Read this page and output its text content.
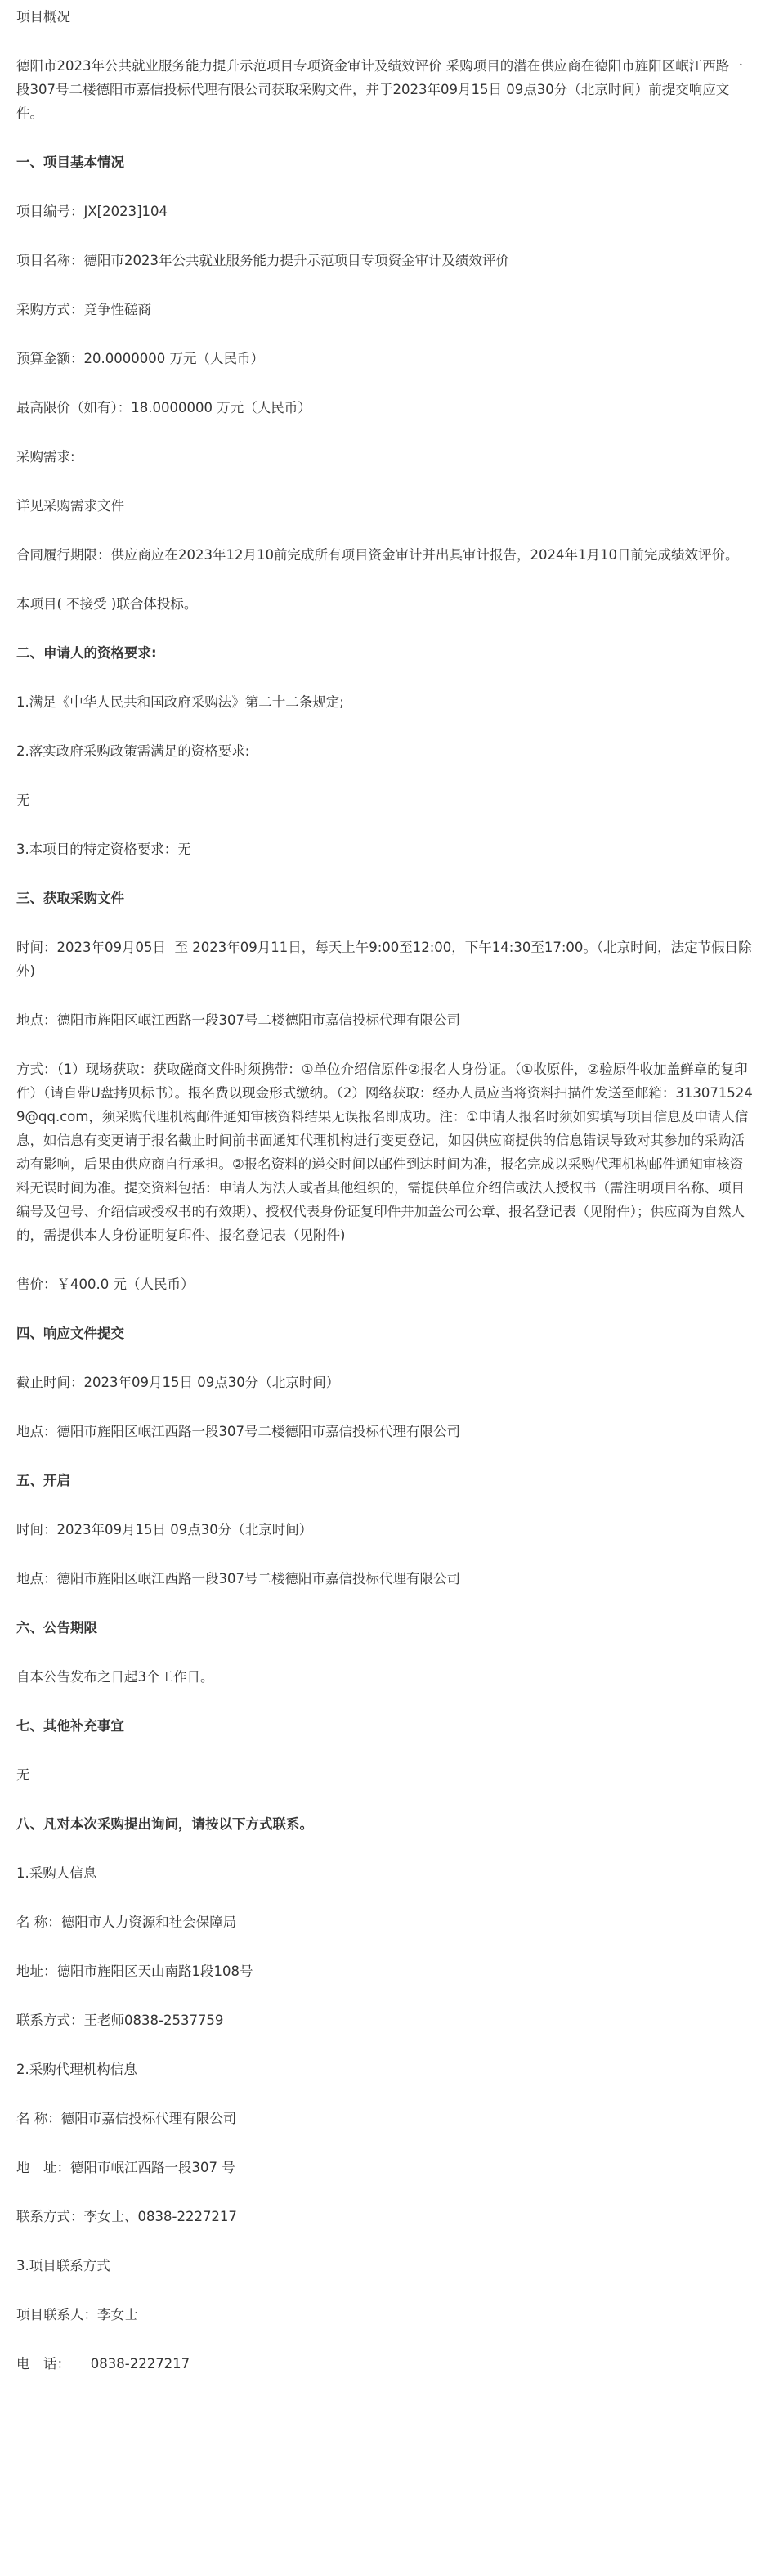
项目概况
德阳市2023年公共就业服务能力提升示范项目专项资金审计及绩效评价 采购项目的潜在供应商在德阳市旌阳区岷江西路一段307号二楼德阳市嘉信投标代理有限公司获取采购文件，并于2023年09月15日 09点30分（北京时间）前提交响应文件。
一、项目基本情况
项目编号：JX[2023]104
项目名称：德阳市2023年公共就业服务能力提升示范项目专项资金审计及绩效评价
采购方式：竞争性磋商
预算金额：20.0000000 万元（人民币）
最高限价（如有）：18.0000000 万元（人民币）
采购需求:
详见采购需求文件
合同履行期限：供应商应在2023年12月10前完成所有项目资金审计并出具审计报告，2024年1月10日前完成绩效评价。
本项目( 不接受 )联合体投标。
二、申请人的资格要求:
1.满足《中华人民共和国政府采购法》第二十二条规定;
2.落实政府采购政策需满足的资格要求:
无
3.本项目的特定资格要求：无
三、获取采购文件
时间：2023年09月05日  至 2023年09月11日，每天上午9:00至12:00，下午14:30至17:00。（北京时间，法定节假日除外)
地点：德阳市旌阳区岷江西路一段307号二楼德阳市嘉信投标代理有限公司
方式：（1）现场获取：获取磋商文件时须携带：①单位介绍信原件②报名人身份证。（①收原件，②验原件收加盖鲜章的复印件）（请自带U盘拷贝标书）。报名费以现金形式缴纳。（2）网络获取：经办人员应当将资料扫描件发送至邮箱：3130715249@qq.com，须采购代理机构邮件通知审核资料结果无误报名即成功。注：①申请人报名时须如实填写项目信息及申请人信息，如信息有变更请于报名截止时间前书面通知代理机构进行变更登记，如因供应商提供的信息错误导致对其参加的采购活动有影响，后果由供应商自行承担。②报名资料的递交时间以邮件到达时间为准，报名完成以采购代理机构邮件通知审核资料无误时间为准。提交资料包括：申请人为法人或者其他组织的，需提供单位介绍信或法人授权书（需注明项目名称、项目编号及包号、介绍信或授权书的有效期）、授权代表身份证复印件并加盖公司公章、报名登记表（见附件）；供应商为自然人的，需提供本人身份证明复印件、报名登记表（见附件)
售价：￥400.0 元（人民币）
四、响应文件提交
截止时间：2023年09月15日 09点30分（北京时间）
地点：德阳市旌阳区岷江西路一段307号二楼德阳市嘉信投标代理有限公司
五、开启
时间：2023年09月15日 09点30分（北京时间）
地点：德阳市旌阳区岷江西路一段307号二楼德阳市嘉信投标代理有限公司
六、公告期限
自本公告发布之日起3个工作日。
七、其他补充事宜
无
八、凡对本次采购提出询问，请按以下方式联系。
1.采购人信息
名 称：德阳市人力资源和社会保障局
地址：德阳市旌阳区天山南路1段108号
联系方式：王老师0838-2537759
2.采购代理机构信息
名 称：德阳市嘉信投标代理有限公司
地　址：德阳市岷江西路一段307 号
联系方式：李女士、0838-2227217
3.项目联系方式
项目联系人：李女士
电　话：　　0838-2227217
